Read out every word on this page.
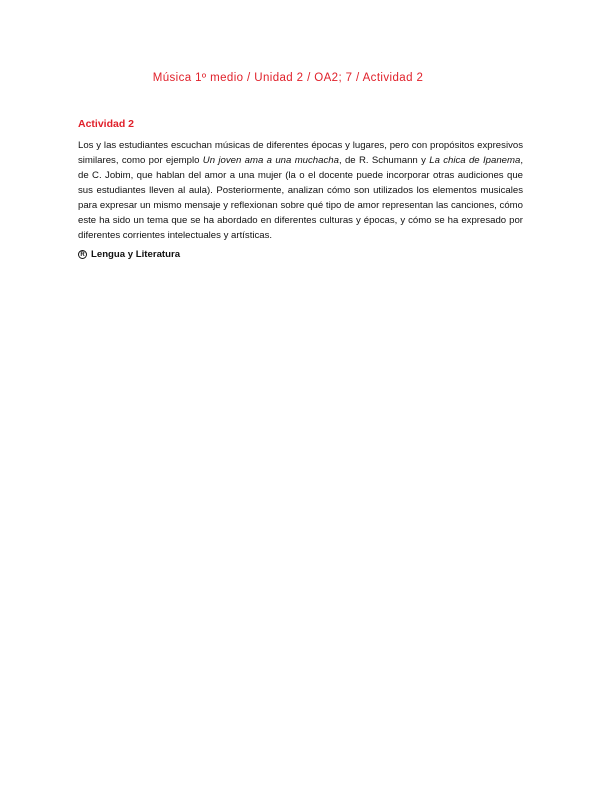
Música 1º medio / Unidad 2 / OA2; 7 / Actividad 2
Actividad 2

Los y las estudiantes escuchan músicas de diferentes épocas y lugares, pero con propósitos expresivos similares, como por ejemplo Un joven ama a una muchacha, de R. Schumann y La chica de Ipanema, de C. Jobim, que hablan del amor a una mujer (la o el docente puede incorporar otras audiciones que sus estudiantes lleven al aula). Posteriormente, analizan cómo son utilizados los elementos musicales para expresar un mismo mensaje y reflexionan sobre qué tipo de amor representan las canciones, cómo este ha sido un tema que se ha abordado en diferentes culturas y épocas, y cómo se ha expresado por diferentes corrientes intelectuales y artísticas.

R Lengua y Literatura
